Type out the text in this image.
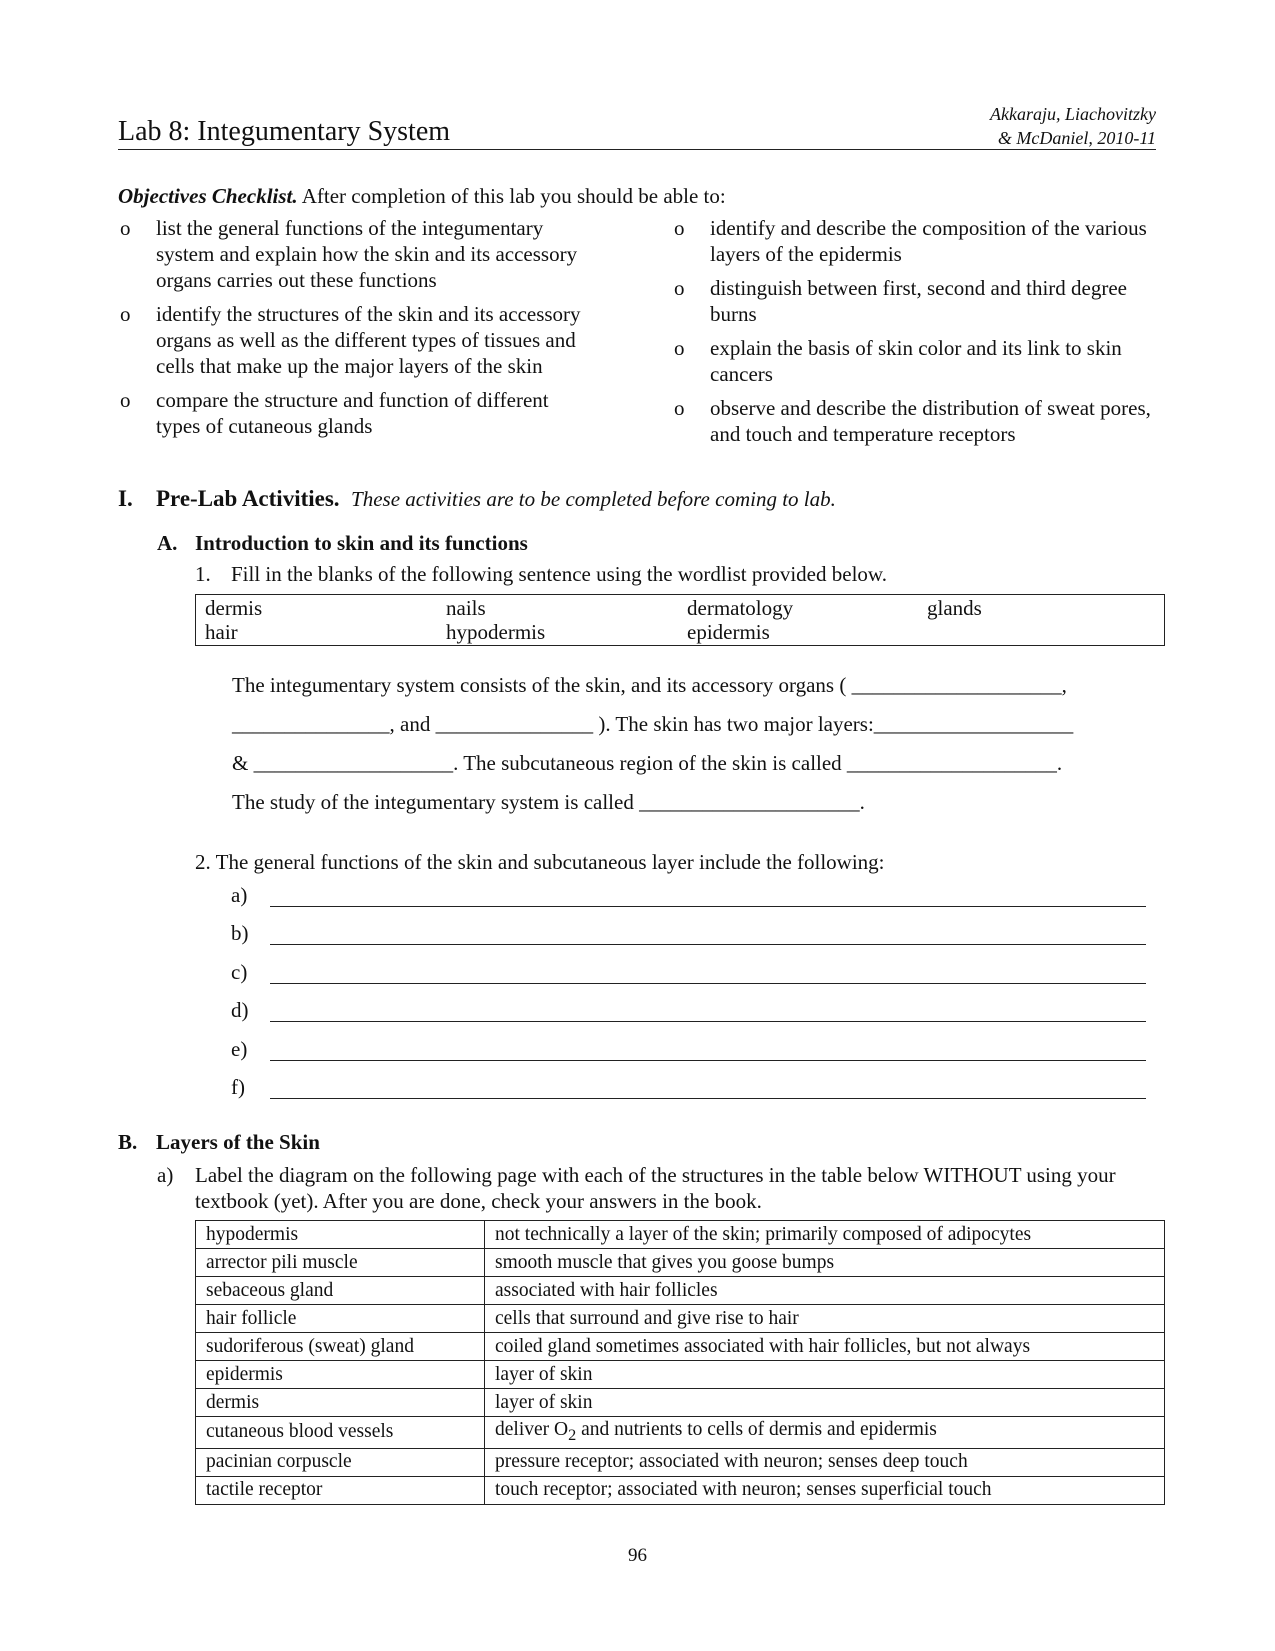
Lab 8: Integumentary System
Akkaraju, Liachovitzky
& McDaniel, 2010-11
Objectives Checklist. After completion of this lab you should be able to:
o list the general functions of the integumentary system and explain how the skin and its accessory organs carries out these functions
o identify the structures of the skin and its accessory organs as well as the different types of tissues and cells that make up the major layers of the skin
o compare the structure and function of different types of cutaneous glands
o identify and describe the composition of the various layers of the epidermis
o distinguish between first, second and third degree burns
o explain the basis of skin color and its link to skin cancers
o observe and describe the distribution of sweat pores, and touch and temperature receptors
I. Pre-Lab Activities. These activities are to be completed before coming to lab.
A. Introduction to skin and its functions
1. Fill in the blanks of the following sentence using the wordlist provided below.
dermis	nails	dermatology	glands
hair	hypodermis	epidermis
The integumentary system consists of the skin, and its accessory organs ( ____________________,
_______________, and _______________ ). The skin has two major layers:___________________
& ___________________. The subcutaneous region of the skin is called ____________________.
The study of the integumentary system is called _____________________.
2. The general functions of the skin and subcutaneous layer include the following:
a)
b)
c)
d)
e)
f)
B. Layers of the Skin
a)	Label the diagram on the following page with each of the structures in the table below WITHOUT using your textbook (yet). After you are done, check your answers in the book.
hypodermis	not technically a layer of the skin; primarily composed of adipocytes
arrector pili muscle	smooth muscle that gives you goose bumps
sebaceous gland	associated with hair follicles
hair follicle	cells that surround and give rise to hair
sudoriferous (sweat) gland	coiled gland sometimes associated with hair follicles, but not always
epidermis	layer of skin
dermis	layer of skin
cutaneous blood vessels	deliver $O_2$ and nutrients to cells of dermis and epidermis
pacinian corpuscle	pressure receptor; associated with neuron; senses deep touch
tactile receptor	touch receptor; associated with neuron; senses superficial touch
96
